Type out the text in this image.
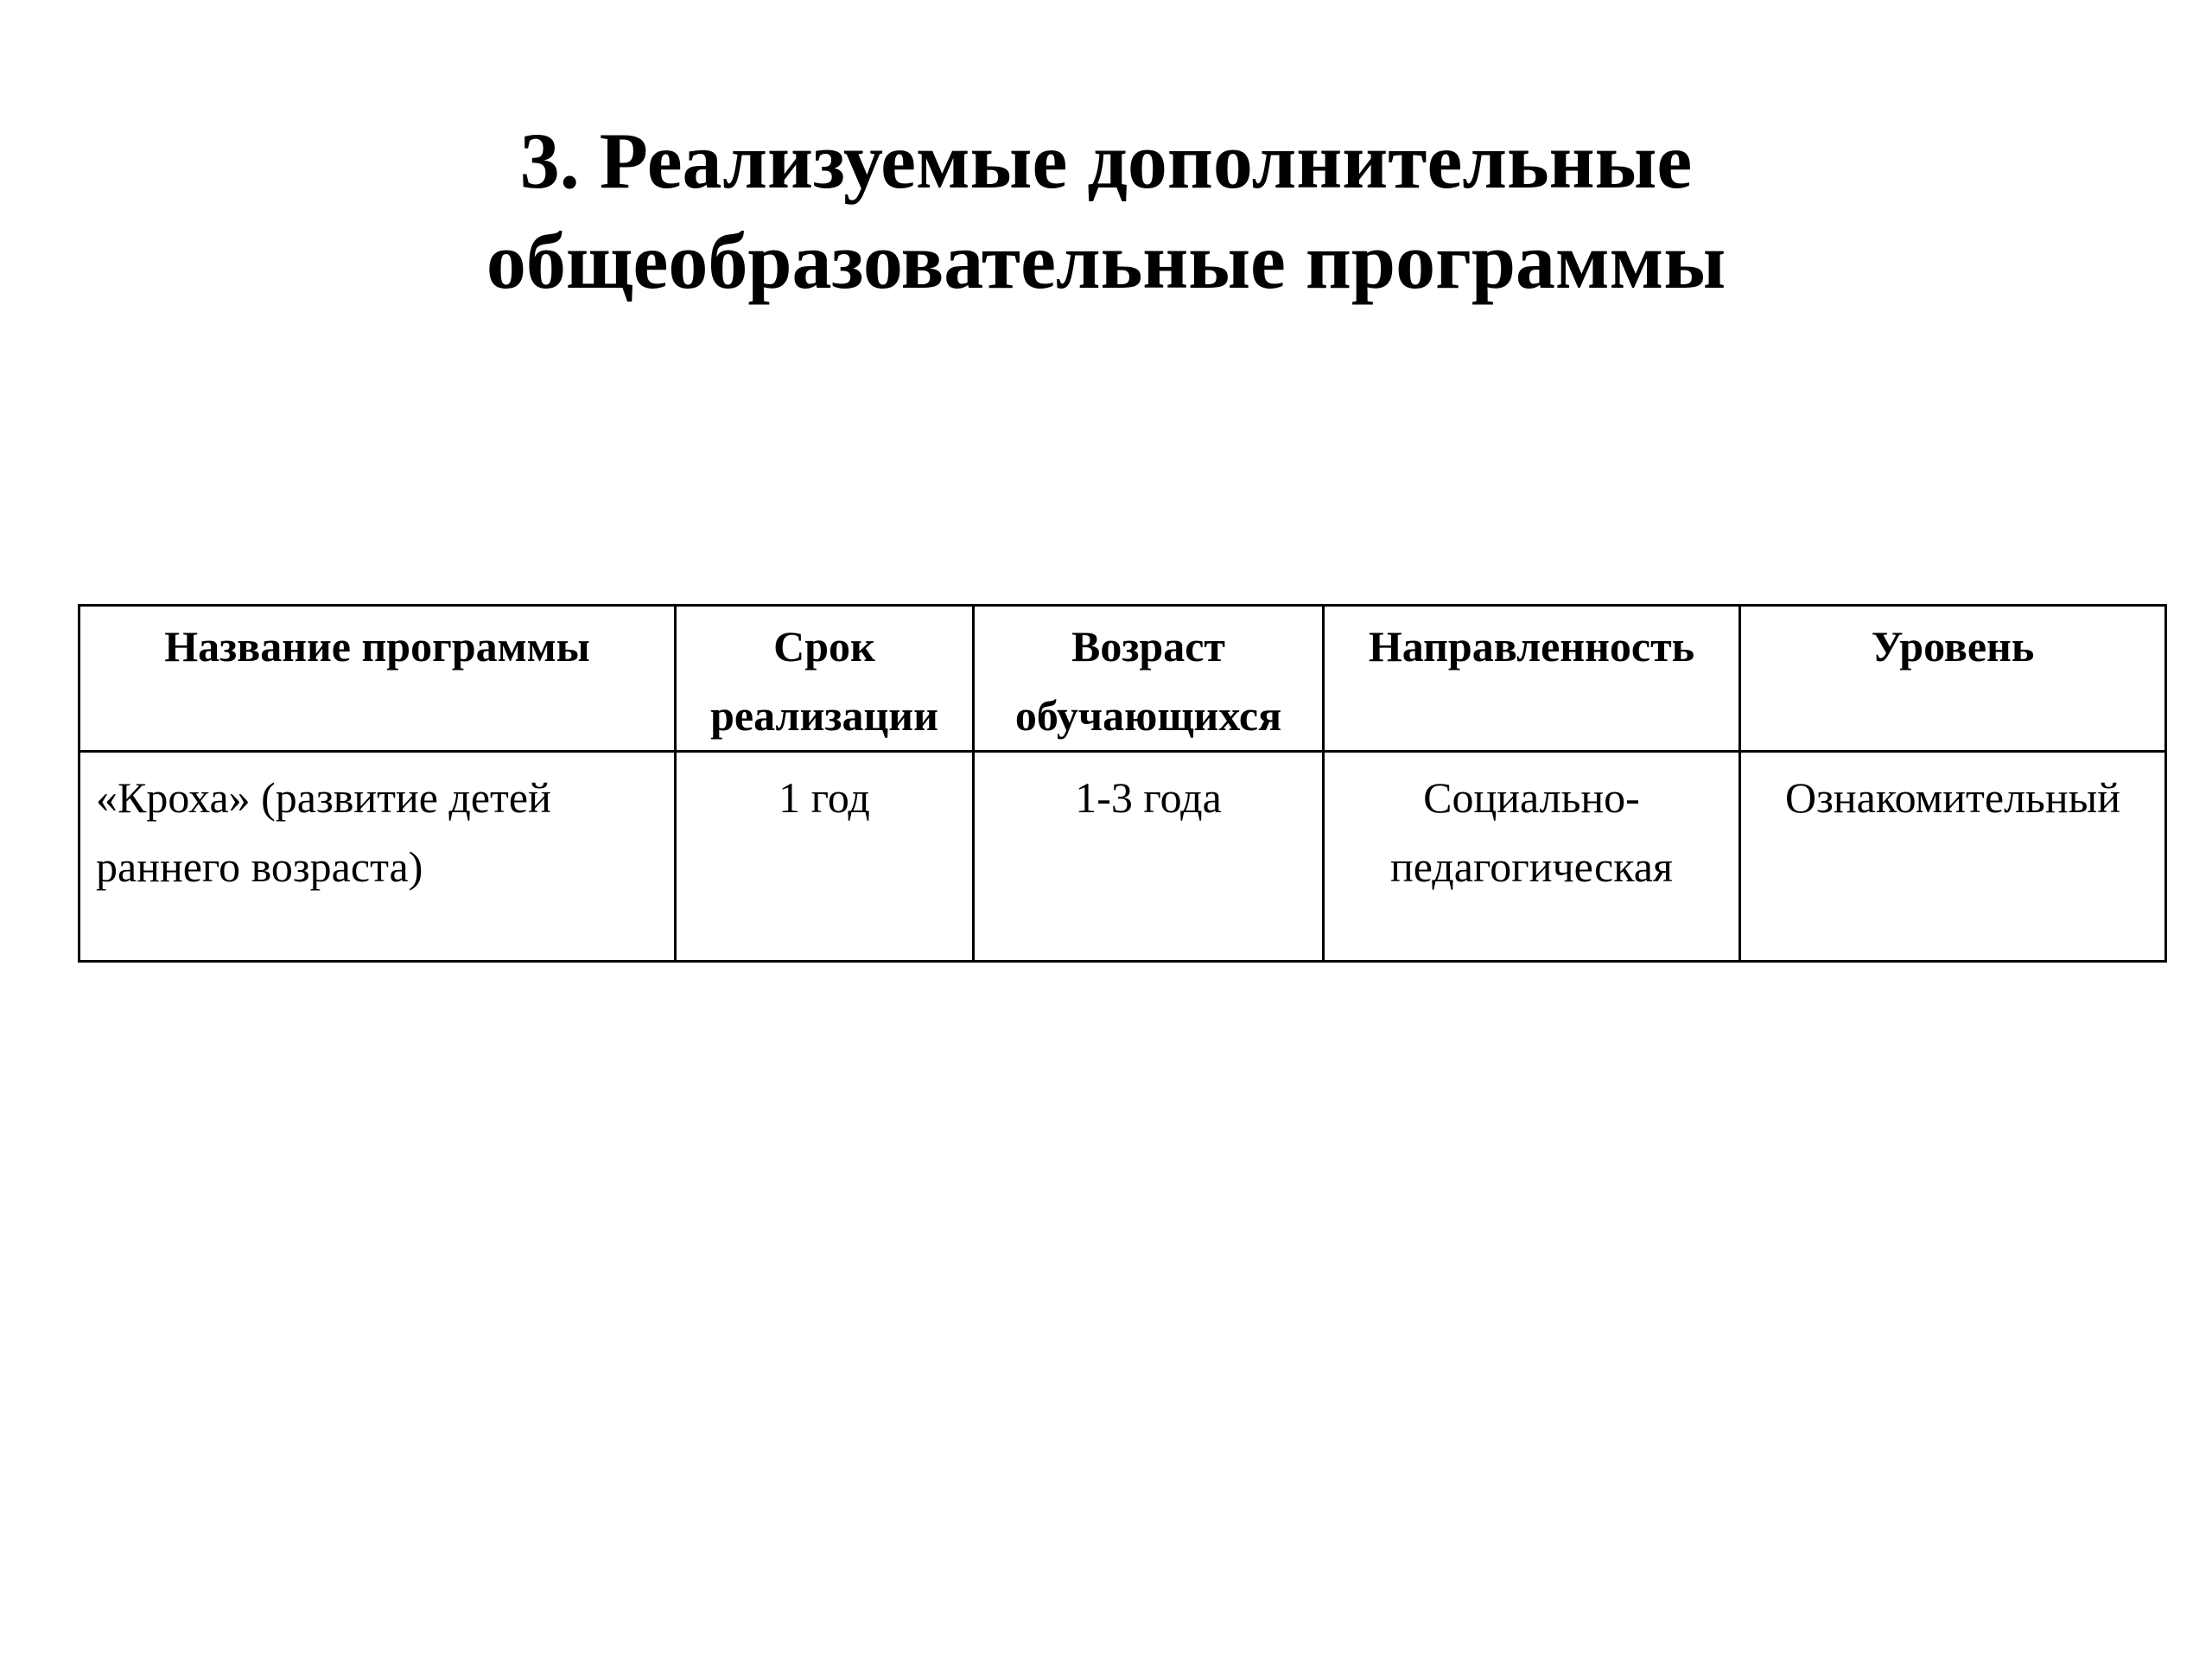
3. Реализуемые дополнительные
общеобразовательные программы
Название программы	Срок реализации	Возраст обучающихся	Направленность	Уровень
«Кроха» (развитие детей раннего возраста)	1 год	1-3 года	Социально-педагогическая	Ознакомительный
